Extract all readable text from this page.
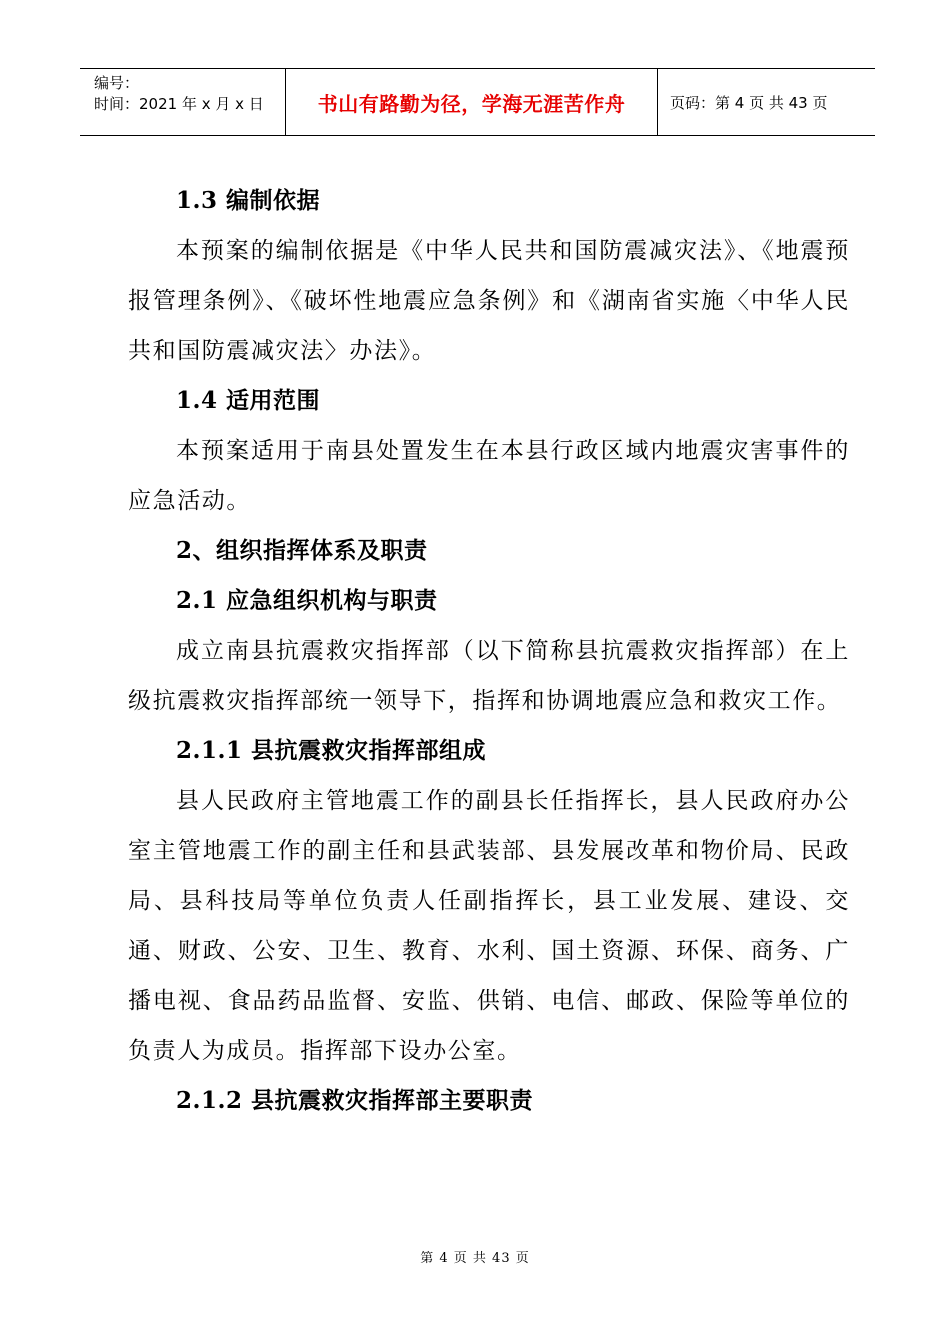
编号：
时间：2021 年 x 月 x 日	书山有路勤为径，学海无涯苦作舟	页码：第 4 页 共 43 页

1.3 编制依据

本预案的编制依据是《中华人民共和国防震减灾法》、《地震预报管理条例》、《破坏性地震应急条例》和《湖南省实施〈中华人民共和国防震减灾法〉办法》。

1.4 适用范围

本预案适用于南县处置发生在本县行政区域内地震灾害事件的应急活动。

2、组织指挥体系及职责

2.1 应急组织机构与职责

成立南县抗震救灾指挥部（以下简称县抗震救灾指挥部）在上级抗震救灾指挥部统一领导下，指挥和协调地震应急和救灾工作。

2.1.1 县抗震救灾指挥部组成

县人民政府主管地震工作的副县长任指挥长，县人民政府办公室主管地震工作的副主任和县武装部、县发展改革和物价局、民政局、县科技局等单位负责人任副指挥长，县工业发展、建设、交通、财政、公安、卫生、教育、水利、国土资源、环保、商务、广播电视、食品药品监督、安监、供销、电信、邮政、保险等单位的负责人为成员。指挥部下设办公室。

2.1.2 县抗震救灾指挥部主要职责

第 4 页 共 43 页
